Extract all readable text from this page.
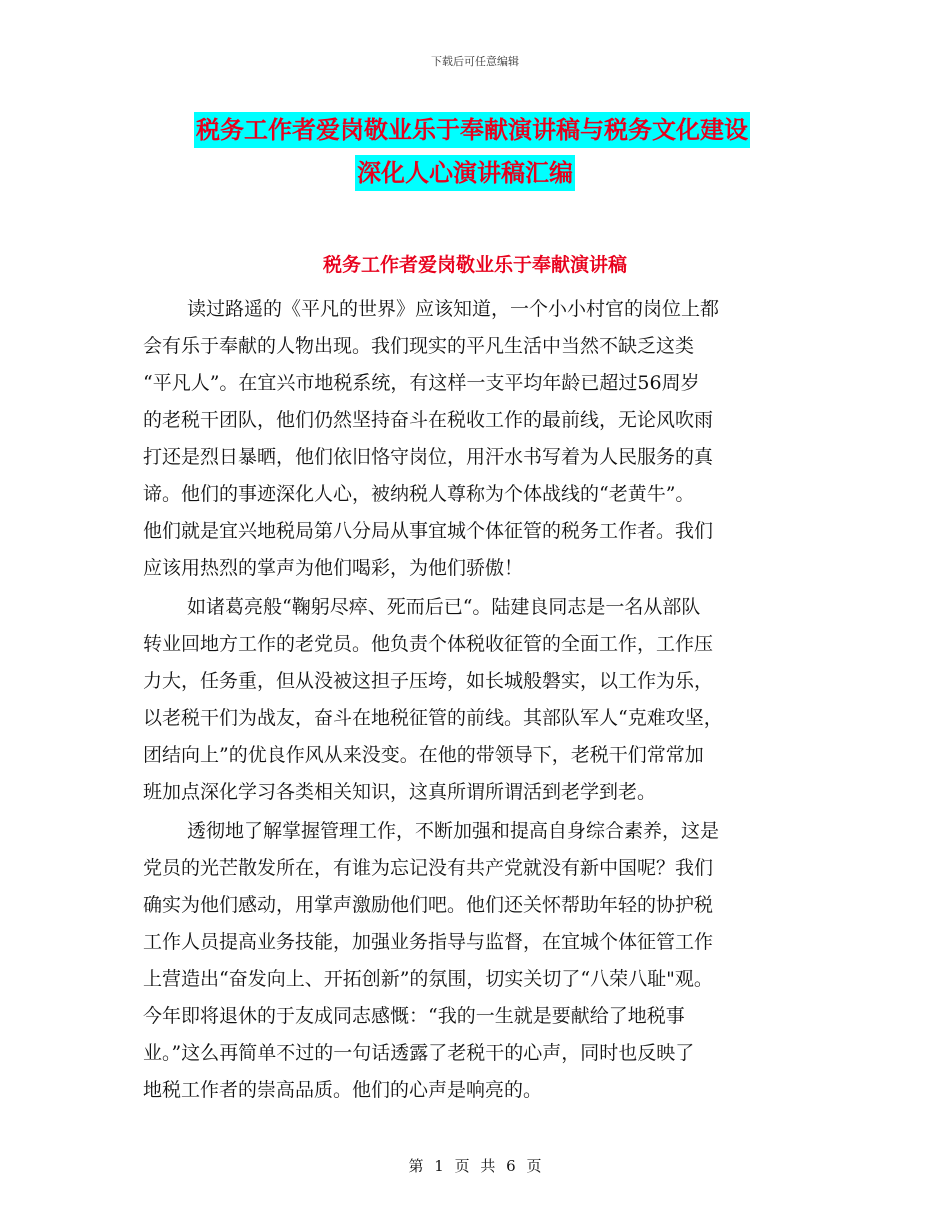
下载后可任意编辑
税务工作者爱岗敬业乐于奉献演讲稿与税务文化建设
深化人心演讲稿汇编
税务工作者爱岗敬业乐于奉献演讲稿
读过路遥的《平凡的世界》应该知道，一个小小村官的岗位上都
会有乐于奉献的人物出现。我们现实的平凡生活中当然不缺乏这类
“平凡人”。在宜兴市地税系统，有这样一支平均年龄已超过56周岁
的老税干团队，他们仍然坚持奋斗在税收工作的最前线，无论风吹雨
打还是烈日暴晒，他们依旧恪守岗位，用汗水书写着为人民服务的真
谛。他们的事迹深化人心，被纳税人尊称为个体战线的“老黄牛”。
他们就是宜兴地税局第八分局从事宜城个体征管的税务工作者。我们
应该用热烈的掌声为他们喝彩，为他们骄傲！
如诸葛亮般“鞠躬尽瘁、死而后已“。陆建良同志是一名从部队
转业回地方工作的老党员。他负责个体税收征管的全面工作，工作压
力大，任务重，但从没被这担子压垮，如长城般磐实，以工作为乐，
以老税干们为战友，奋斗在地税征管的前线。其部队军人“克难攻坚，
团结向上”的优良作风从来没变。在他的带领导下，老税干们常常加
班加点深化学习各类相关知识，这真所谓所谓活到老学到老。
透彻地了解掌握管理工作，不断加强和提高自身综合素养，这是
党员的光芒散发所在，有谁为忘记没有共产党就没有新中国呢？我们
确实为他们感动，用掌声激励他们吧。他们还关怀帮助年轻的协护税
工作人员提高业务技能，加强业务指导与监督，在宜城个体征管工作
上营造出“奋发向上、开拓创新”的氛围，切实关切了“八荣八耻"观。
今年即将退休的于友成同志感慨：“我的一生就是要献给了地税事
业。”这么再简单不过的一句话透露了老税干的心声，同时也反映了
地税工作者的崇高品质。他们的心声是响亮的。
第 1 页 共 6 页
